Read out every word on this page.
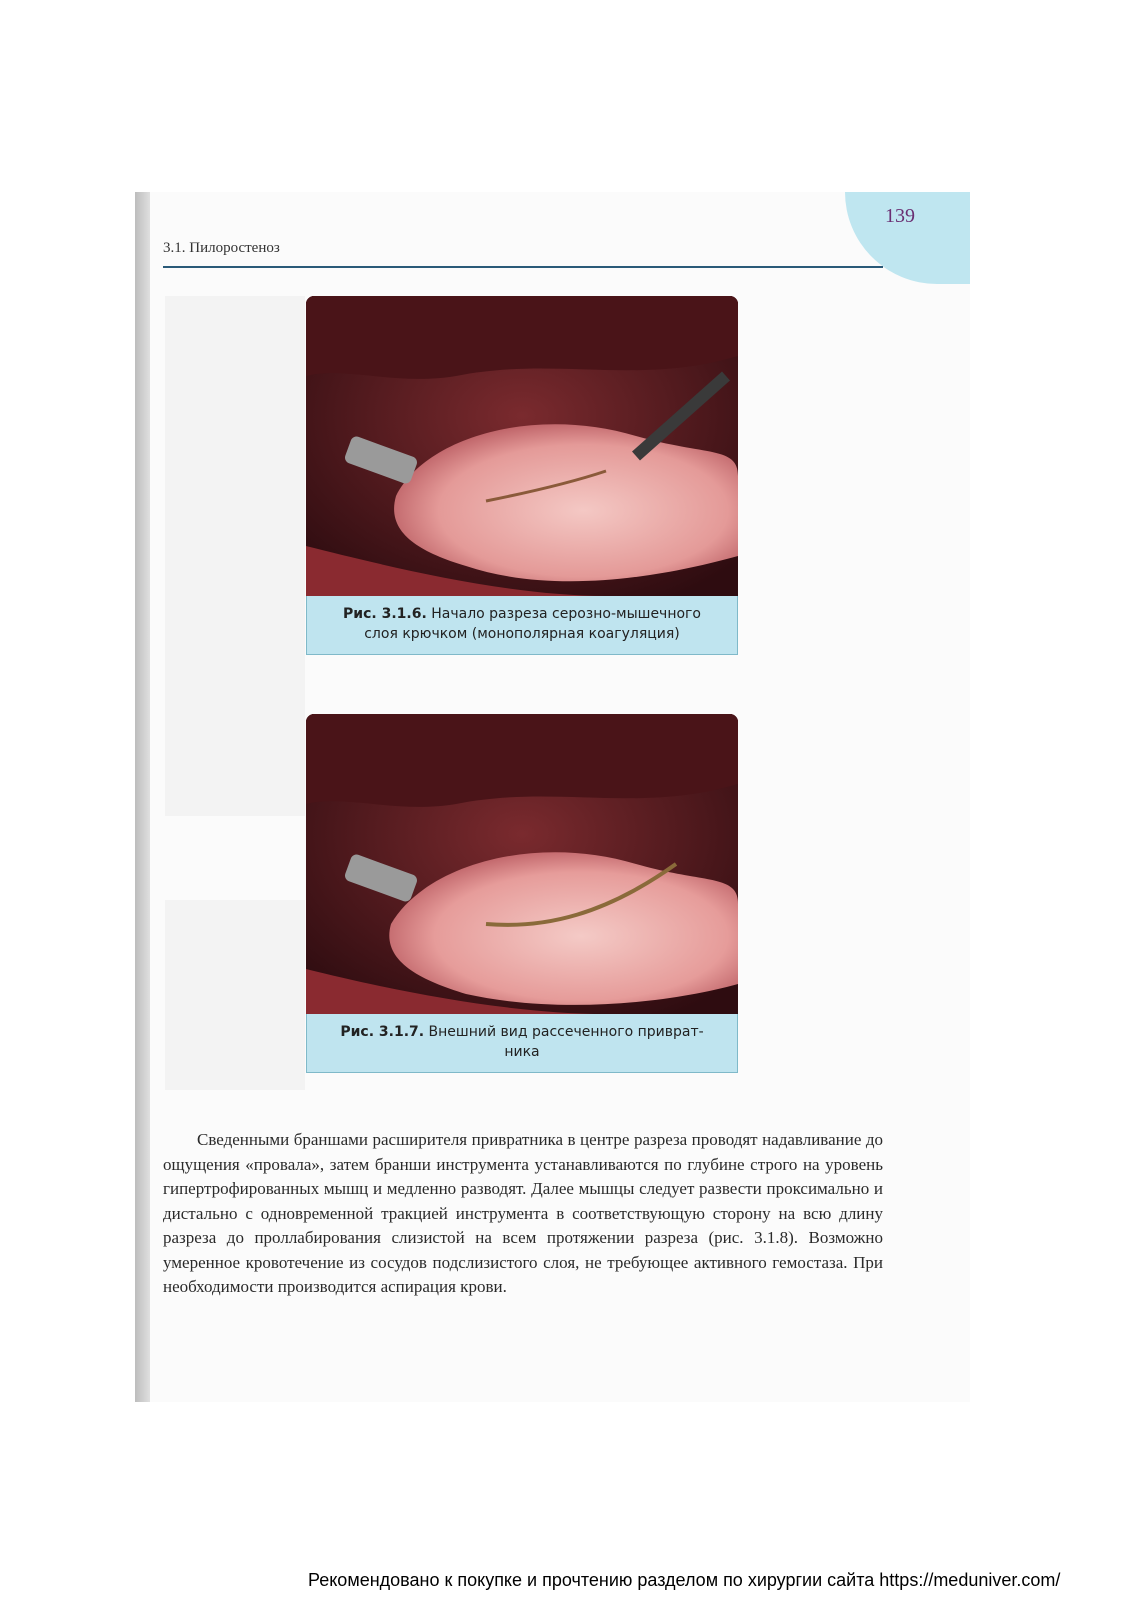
139
3.1. Пилоростеноз
Рис. 3.1.6. Начало разреза серозно-мышечного слоя крючком (монополярная коагуляция)
Рис. 3.1.7. Внешний вид рассеченного приврат-ника
Сведенными браншами расширителя привратника в центре разреза проводят надавливание до ощущения «провала», затем бранши инструмента устанавливаются по глубине строго на уровень гипертрофированных мышц и медленно разводят. Далее мышцы следует развести проксимально и дистально с одновременной тракцией инструмента в соответствующую сторону на всю длину разреза до проллабирования слизистой на всем протяжении разреза (рис. 3.1.8). Возможно умеренное кровотечение из сосудов подслизистого слоя, не требующее активного гемостаза. При необходимости производится аспирация крови.
Рекомендовано к покупке и прочтению разделом по хирургии сайта https://meduniver.com/
